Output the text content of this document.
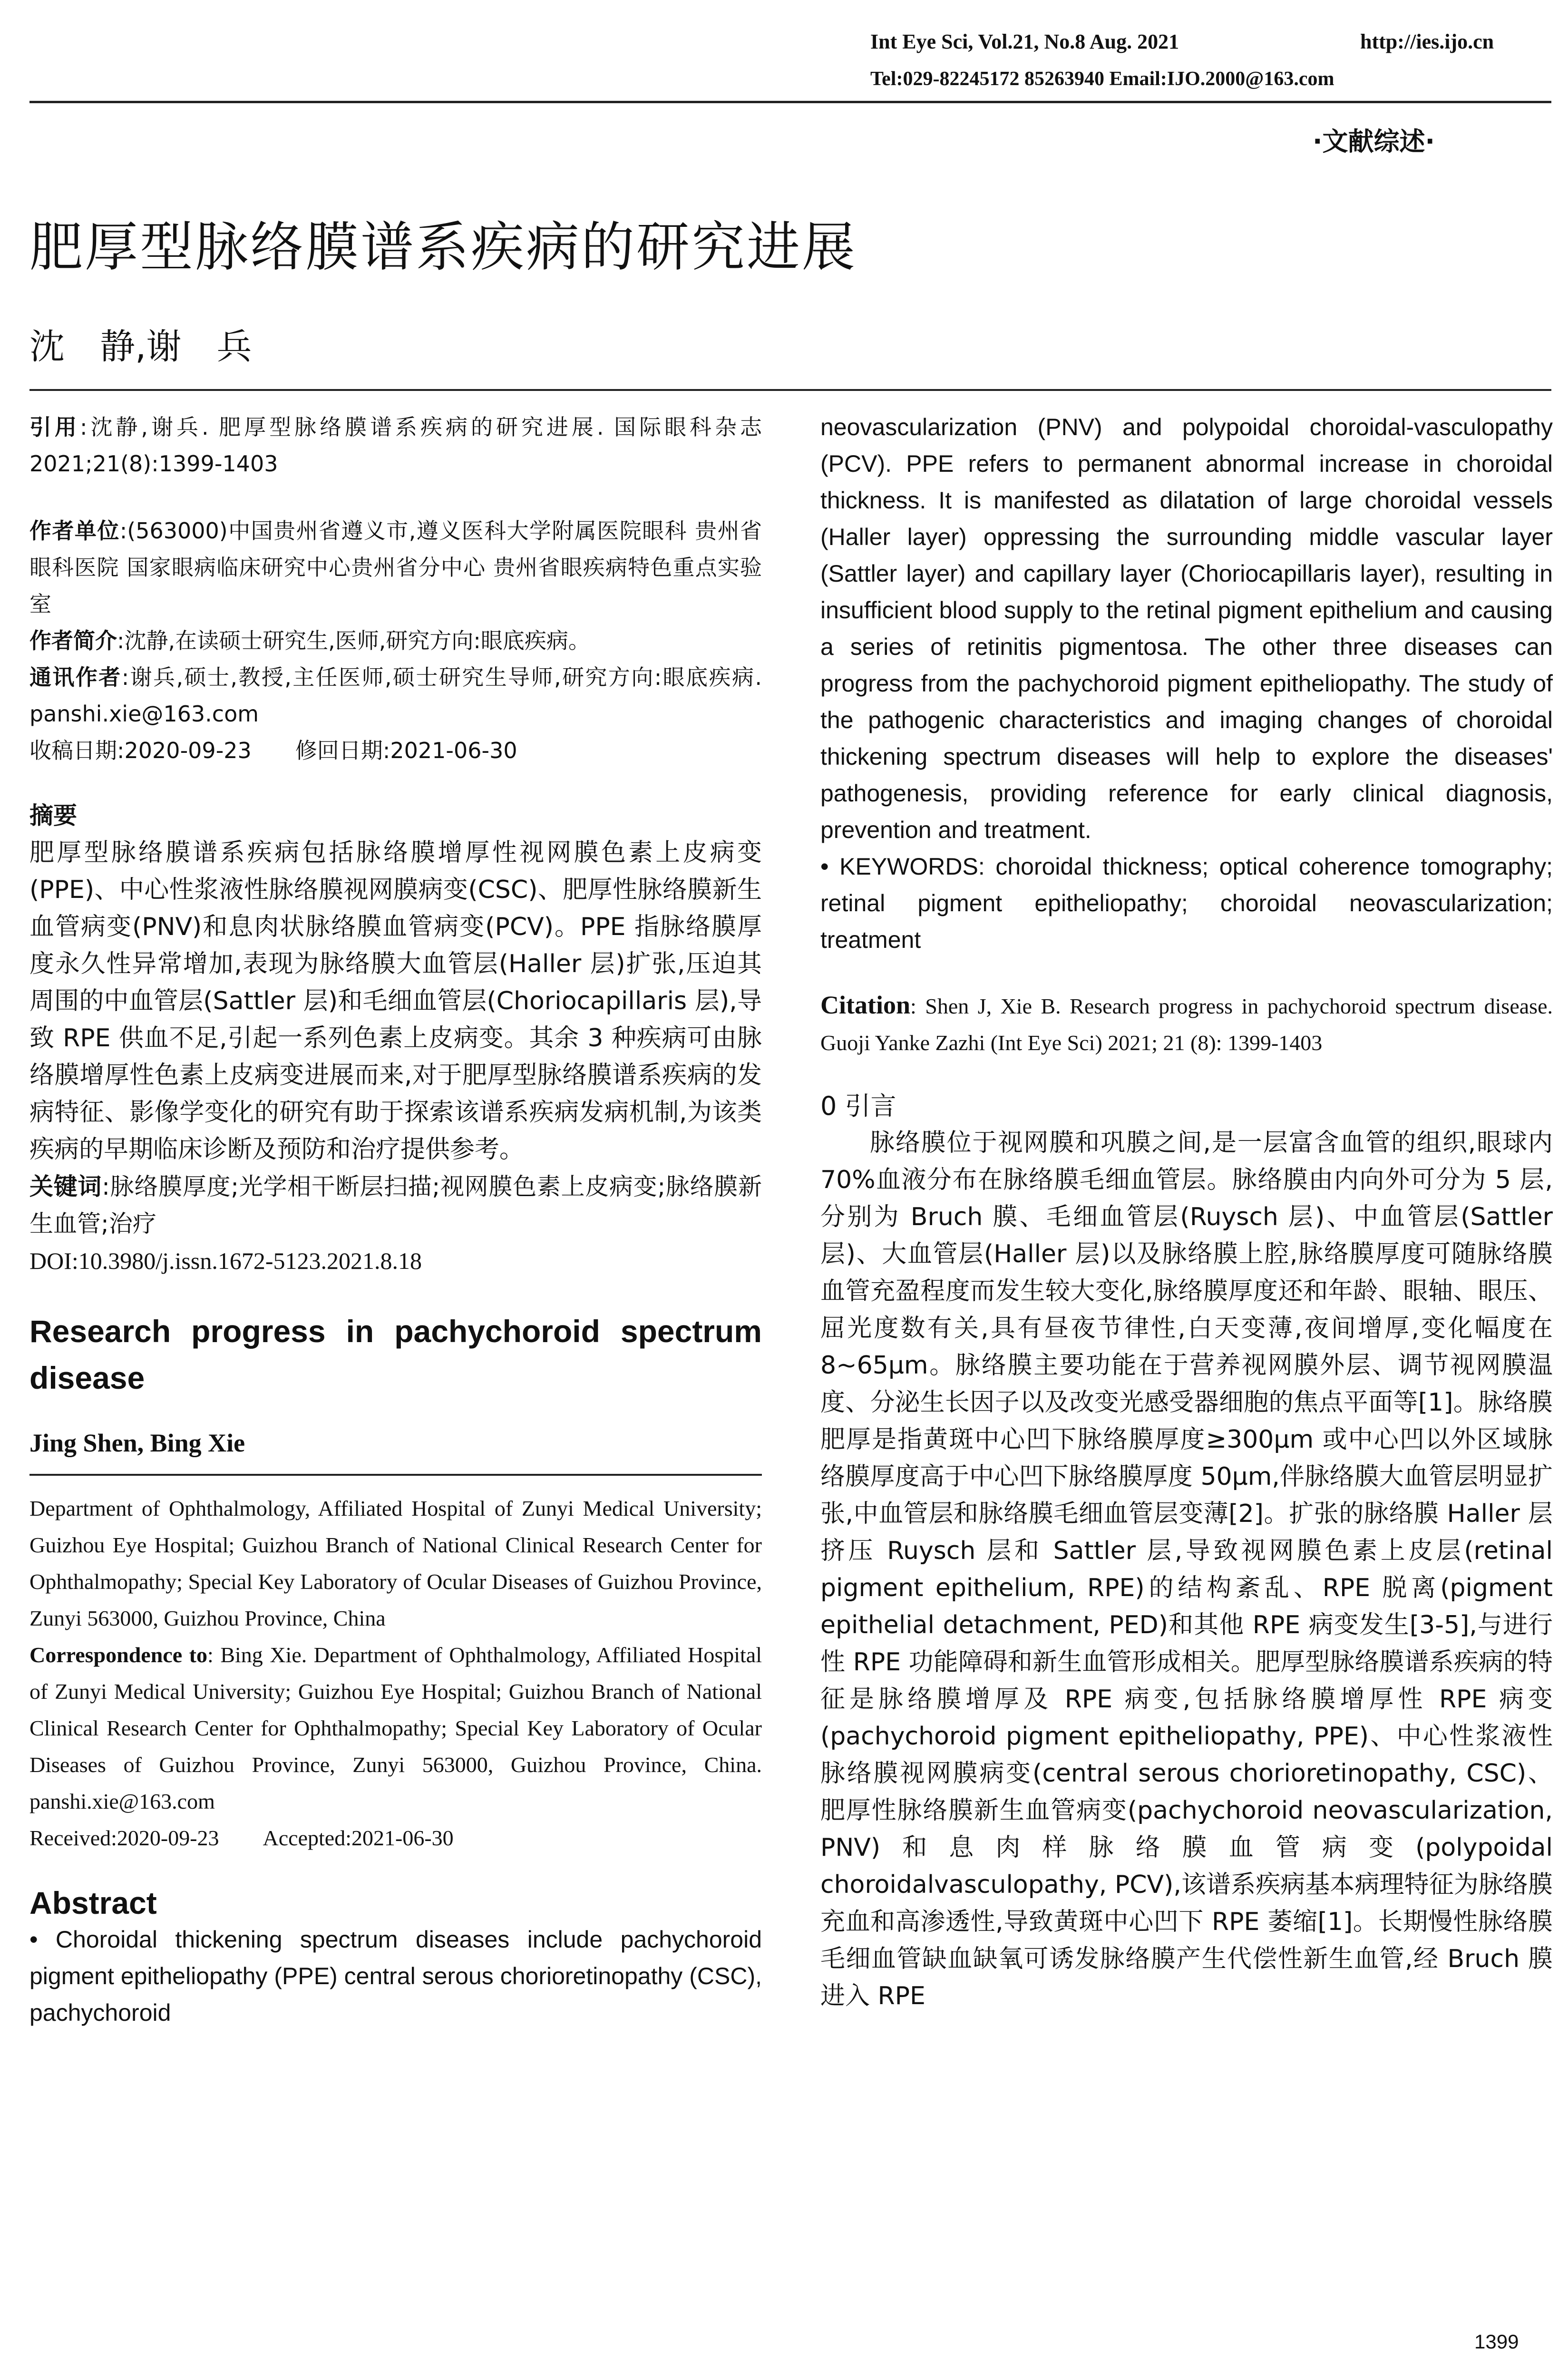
Int Eye Sci, Vol.21, No.8 Aug. 2021	http://ies.ijo.cn
Tel:029-82245172 85263940 Email:IJO.2000@163.com
·文献综述·
肥厚型脉络膜谱系疾病的研究进展
沈　静,谢　兵

引用:沈静,谢兵. 肥厚型脉络膜谱系疾病的研究进展. 国际眼科杂志 2021;21(8):1399-1403

作者单位:(563000)中国贵州省遵义市,遵义医科大学附属医院眼科 贵州省眼科医院 国家眼病临床研究中心贵州省分中心 贵州省眼疾病特色重点实验室

作者简介:沈静,在读硕士研究生,医师,研究方向:眼底疾病。

通讯作者:谢兵,硕士,教授,主任医师,硕士研究生导师,研究方向:眼底疾病. panshi.xie@163.com

收稿日期:2020-09-23　　修回日期:2021-06-30

摘要

肥厚型脉络膜谱系疾病包括脉络膜增厚性视网膜色素上皮病变(PPE)、中心性浆液性脉络膜视网膜病变(CSC)、肥厚性脉络膜新生血管病变(PNV)和息肉状脉络膜血管病变(PCV)。PPE 指脉络膜厚度永久性异常增加,表现为脉络膜大血管层(Haller 层)扩张,压迫其周围的中血管层(Sattler 层)和毛细血管层(Choriocapillaris 层),导致 RPE 供血不足,引起一系列色素上皮病变。其余 3 种疾病可由脉络膜增厚性色素上皮病变进展而来,对于肥厚型脉络膜谱系疾病的发病特征、影像学变化的研究有助于探索该谱系疾病发病机制,为该类疾病的早期临床诊断及预防和治疗提供参考。

关键词:脉络膜厚度;光学相干断层扫描;视网膜色素上皮病变;脉络膜新生血管;治疗

DOI:10.3980/j.issn.1672-5123.2021.8.18

Research progress in pachychoroid spectrum disease

Jing Shen, Bing Xie

Department of Ophthalmology, Affiliated Hospital of Zunyi Medical University; Guizhou Eye Hospital; Guizhou Branch of National Clinical Research Center for Ophthalmopathy; Special Key Laboratory of Ocular Diseases of Guizhou Province, Zunyi 563000, Guizhou Province, China

Correspondence to: Bing Xie. Department of Ophthalmology, Affiliated Hospital of Zunyi Medical University; Guizhou Eye Hospital; Guizhou Branch of National Clinical Research Center for Ophthalmopathy; Special Key Laboratory of Ocular Diseases of Guizhou Province, Zunyi 563000, Guizhou Province, China. panshi.xie@163.com

Received:2020-09-23　　Accepted:2021-06-30

Abstract

• Choroidal thickening spectrum diseases include pachychoroid pigment epitheliopathy (PPE) central serous chorioretinopathy (CSC), pachychoroid

neovascularization (PNV) and polypoidal choroidal-vasculopathy (PCV). PPE refers to permanent abnormal increase in choroidal thickness. It is manifested as dilatation of large choroidal vessels (Haller layer) oppressing the surrounding middle vascular layer (Sattler layer) and capillary layer (Choriocapillaris layer), resulting in insufficient blood supply to the retinal pigment epithelium and causing a series of retinitis pigmentosa. The other three diseases can progress from the pachychoroid pigment epitheliopathy. The study of the pathogenic characteristics and imaging changes of choroidal thickening spectrum diseases will help to explore the diseases' pathogenesis, providing reference for early clinical diagnosis, prevention and treatment.

• KEYWORDS: choroidal thickness; optical coherence tomography; retinal pigment epitheliopathy; choroidal neovascularization; treatment

Citation: Shen J, Xie B. Research progress in pachychoroid spectrum disease. Guoji Yanke Zazhi (Int Eye Sci) 2021; 21 (8): 1399-1403

0 引言

脉络膜位于视网膜和巩膜之间,是一层富含血管的组织,眼球内 70%血液分布在脉络膜毛细血管层。脉络膜由内向外可分为 5 层,分别为 Bruch 膜、毛细血管层(Ruysch 层)、中血管层(Sattler 层)、大血管层(Haller 层)以及脉络膜上腔,脉络膜厚度可随脉络膜血管充盈程度而发生较大变化,脉络膜厚度还和年龄、眼轴、眼压、屈光度数有关,具有昼夜节律性,白天变薄,夜间增厚,变化幅度在 8~65μm。脉络膜主要功能在于营养视网膜外层、调节视网膜温度、分泌生长因子以及改变光感受器细胞的焦点平面等[1]。脉络膜肥厚是指黄斑中心凹下脉络膜厚度≥300μm 或中心凹以外区域脉络膜厚度高于中心凹下脉络膜厚度 50μm,伴脉络膜大血管层明显扩张,中血管层和脉络膜毛细血管层变薄[2]。扩张的脉络膜 Haller 层挤压 Ruysch 层和 Sattler 层,导致视网膜色素上皮层(retinal pigment epithelium, RPE)的结构紊乱、RPE 脱离(pigment epithelial detachment, PED)和其他 RPE 病变发生[3-5],与进行性 RPE 功能障碍和新生血管形成相关。肥厚型脉络膜谱系疾病的特征是脉络膜增厚及 RPE 病变,包括脉络膜增厚性 RPE 病变(pachychoroid pigment epitheliopathy, PPE)、中心性浆液性脉络膜视网膜病变(central serous chorioretinopathy, CSC)、肥厚性脉络膜新生血管病变(pachychoroid neovascularization, PNV)和息肉样脉络膜血管病变(polypoidal choroidalvasculopathy, PCV),该谱系疾病基本病理特征为脉络膜充血和高渗透性,导致黄斑中心凹下 RPE 萎缩[1]。长期慢性脉络膜毛细血管缺血缺氧可诱发脉络膜产生代偿性新生血管,经 Bruch 膜进入 RPE

1399
